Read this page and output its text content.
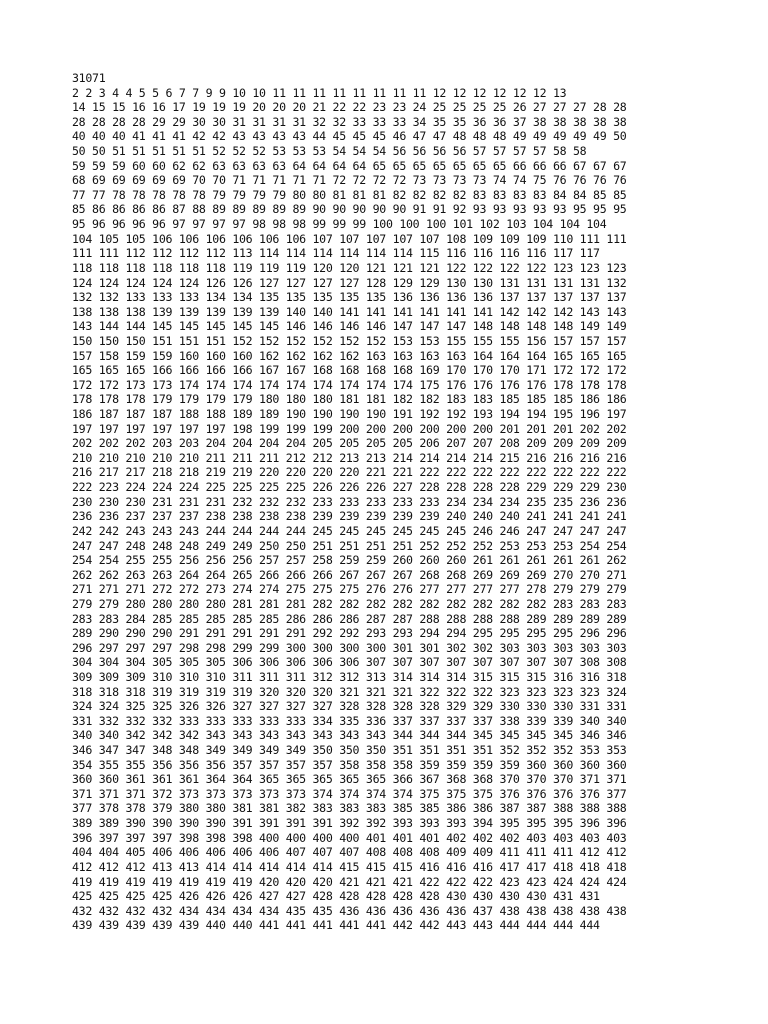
31071
2 2 3 4 4 5 5 6 7 7 9 9 10 10 11 11 11 11 11 11 11 11 12 12 12 12 12 12 13
14 15 15 16 16 17 19 19 19 20 20 20 21 22 22 23 23 24 25 25 25 25 26 27 27 27 28 28
28 28 28 28 29 29 30 30 31 31 31 31 32 32 33 33 33 34 35 35 36 36 37 38 38 38 38 38
40 40 40 41 41 41 42 42 43 43 43 43 44 45 45 45 46 47 47 48 48 48 49 49 49 49 49 50
50 50 51 51 51 51 51 52 52 52 53 53 53 54 54 54 56 56 56 56 57 57 57 57 58 58
59 59 59 60 60 62 62 63 63 63 63 64 64 64 64 65 65 65 65 65 65 65 66 66 66 67 67 67
68 69 69 69 69 69 70 70 71 71 71 71 71 72 72 72 72 73 73 73 73 74 74 75 76 76 76 76
77 77 78 78 78 78 78 79 79 79 79 80 80 81 81 81 82 82 82 82 83 83 83 83 84 84 85 85
85 86 86 86 86 87 88 89 89 89 89 89 90 90 90 90 90 91 91 92 93 93 93 93 93 95 95 95
95 96 96 96 96 97 97 97 97 98 98 98 99 99 99 100 100 100 101 102 103 104 104 104
104 105 105 106 106 106 106 106 106 107 107 107 107 107 108 109 109 109 110 111 111
111 111 112 112 112 112 113 114 114 114 114 114 114 115 116 116 116 116 117 117
118 118 118 118 118 118 119 119 119 120 120 121 121 121 122 122 122 122 123 123 123
124 124 124 124 124 126 126 127 127 127 127 128 129 129 130 130 131 131 131 131 132
132 132 133 133 133 134 134 135 135 135 135 135 136 136 136 136 137 137 137 137 137
138 138 138 139 139 139 139 139 140 140 141 141 141 141 141 141 142 142 142 143 143
143 144 144 145 145 145 145 145 146 146 146 146 147 147 147 148 148 148 148 149 149
150 150 150 151 151 151 152 152 152 152 152 152 153 153 155 155 155 156 157 157 157
157 158 159 159 160 160 160 162 162 162 162 163 163 163 163 164 164 164 165 165 165
165 165 165 166 166 166 166 167 167 168 168 168 168 169 170 170 170 171 172 172 172
172 172 173 173 174 174 174 174 174 174 174 174 174 175 176 176 176 176 178 178 178
178 178 178 179 179 179 179 180 180 180 181 181 182 182 183 183 185 185 185 186 186
186 187 187 187 188 188 189 189 190 190 190 190 191 192 192 193 194 194 195 196 197
197 197 197 197 197 197 198 199 199 199 200 200 200 200 200 200 201 201 201 202 202
202 202 202 203 203 204 204 204 204 205 205 205 205 206 207 207 208 209 209 209 209
210 210 210 210 210 211 211 211 212 212 213 213 214 214 214 214 215 216 216 216 216
216 217 217 218 218 219 219 220 220 220 220 221 221 222 222 222 222 222 222 222 222
222 223 224 224 224 225 225 225 225 226 226 226 227 228 228 228 228 229 229 229 230
230 230 230 231 231 231 232 232 232 233 233 233 233 233 234 234 234 235 235 236 236
236 236 237 237 237 238 238 238 238 239 239 239 239 239 240 240 240 241 241 241 241
242 242 243 243 243 244 244 244 244 245 245 245 245 245 245 246 246 247 247 247 247
247 247 248 248 248 249 249 250 250 251 251 251 251 252 252 252 253 253 253 254 254
254 254 255 255 256 256 256 257 257 258 259 259 260 260 260 261 261 261 261 261 262
262 262 263 263 264 264 265 266 266 266 267 267 267 268 268 269 269 269 270 270 271
271 271 271 272 272 273 274 274 275 275 275 276 276 277 277 277 277 278 279 279 279
279 279 280 280 280 280 281 281 281 282 282 282 282 282 282 282 282 282 283 283 283
283 283 284 285 285 285 285 285 286 286 286 287 287 288 288 288 288 289 289 289 289
289 290 290 290 291 291 291 291 291 292 292 293 293 294 294 295 295 295 295 296 296
296 297 297 297 298 298 299 299 300 300 300 300 301 301 302 302 303 303 303 303 303
304 304 304 305 305 305 306 306 306 306 306 307 307 307 307 307 307 307 307 308 308
309 309 309 310 310 310 311 311 311 312 312 313 314 314 314 315 315 315 316 316 318
318 318 318 319 319 319 319 320 320 320 321 321 321 322 322 322 323 323 323 323 324
324 324 325 325 326 326 327 327 327 327 328 328 328 328 329 329 330 330 330 331 331
331 332 332 332 333 333 333 333 333 334 335 336 337 337 337 337 338 339 339 340 340
340 340 342 342 342 343 343 343 343 343 343 343 344 344 344 345 345 345 345 346 346
346 347 347 348 348 349 349 349 349 350 350 350 351 351 351 351 352 352 352 353 353
354 355 355 356 356 356 357 357 357 357 358 358 358 359 359 359 359 360 360 360 360
360 360 361 361 361 364 364 365 365 365 365 365 366 367 368 368 370 370 370 371 371
371 371 371 372 373 373 373 373 373 374 374 374 374 375 375 375 376 376 376 376 377
377 378 378 379 380 380 381 381 382 383 383 383 385 385 386 386 387 387 388 388 388
389 389 390 390 390 390 391 391 391 391 392 392 393 393 393 394 395 395 395 396 396
396 397 397 397 398 398 398 400 400 400 400 401 401 401 402 402 402 403 403 403 403
404 404 405 406 406 406 406 406 407 407 407 408 408 408 409 409 411 411 411 412 412
412 412 412 413 413 414 414 414 414 414 415 415 415 416 416 416 417 417 418 418 418
419 419 419 419 419 419 419 420 420 420 421 421 421 422 422 422 423 423 424 424 424
425 425 425 425 426 426 426 427 427 428 428 428 428 428 430 430 430 430 431 431
432 432 432 432 434 434 434 434 435 435 436 436 436 436 436 437 438 438 438 438 438
439 439 439 439 439 440 440 441 441 441 441 441 442 442 443 443 444 444 444 444
